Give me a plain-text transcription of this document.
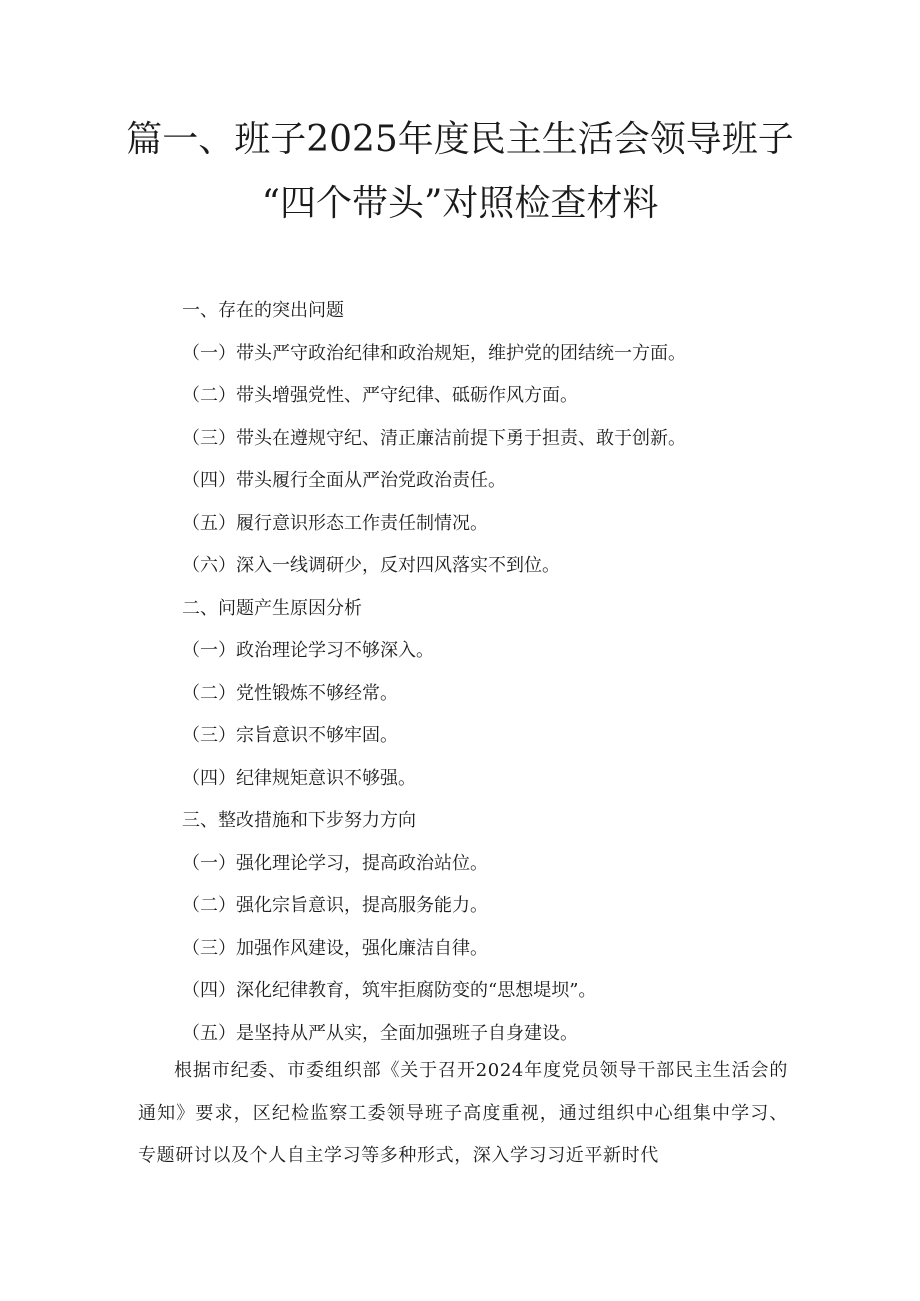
篇一、班子2025年度民主生活会领导班子
“四个带头”对照检查材料
一、存在的突出问题
（一）带头严守政治纪律和政治规矩，维护党的团结统一方面。
（二）带头增强党性、严守纪律、砥砺作风方面。
（三）带头在遵规守纪、清正廉洁前提下勇于担责、敢于创新。
（四）带头履行全面从严治党政治责任。
（五）履行意识形态工作责任制情况。
（六）深入一线调研少，反对四风落实不到位。
二、问题产生原因分析
（一）政治理论学习不够深入。
（二）党性锻炼不够经常。
（三）宗旨意识不够牢固。
（四）纪律规矩意识不够强。
三、整改措施和下步努力方向
（一）强化理论学习，提高政治站位。
（二）强化宗旨意识，提高服务能力。
（三）加强作风建设，强化廉洁自律。
（四）深化纪律教育，筑牢拒腐防变的“思想堤坝”。
（五）是坚持从严从实，全面加强班子自身建设。
根据市纪委、市委组织部《关于召开2024年度党员领导干部民主生活会的通知》要求，区纪检监察工委领导班子高度重视，通过组织中心组集中学习、专题研讨以及个人自主学习等多种形式，深入学习习近平新时代
